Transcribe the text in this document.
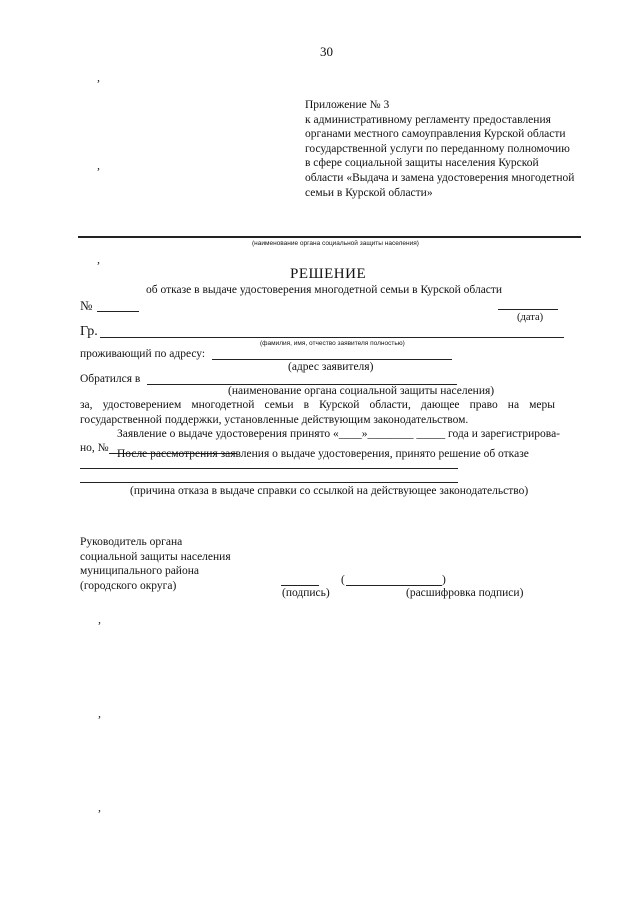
30
Приложение № 3
к административному регламенту предоставления органами местного самоуправления Курской области государственной услуги по переданному полномочию в сфере социальной защиты населения Курской области «Выдача и замена удостоверения многодетной семьи в Курской области»
(наименование органа социальной защиты населения)
РЕШЕНИЕ
об отказе в выдаче удостоверения многодетной семьи в Курской области
№
(дата)
Гр.
(фамилия, имя, отчество заявителя полностью)
проживающий по адресу:
(адрес заявителя)
Обратился в
(наименование органа социальной защиты населения)
за, удостоверением многодетной семьи в Курской области, дающее право на меры государственной поддержки, установленные действующим законодательством.
Заявление о выдаче удостоверения принято «____»________ _____ года и зарегистрирова-
но, № После рассмотрения заявления о выдаче удостоверения, принято решение об отказе
(причина отказа в выдаче справки со ссылкой на действующее законодательство)
Руководитель органа
социальной защиты населения
муниципального района
(городского округа)	(	)
(подпись)	(расшифровка подписи)
,
,
,
,
,
,
